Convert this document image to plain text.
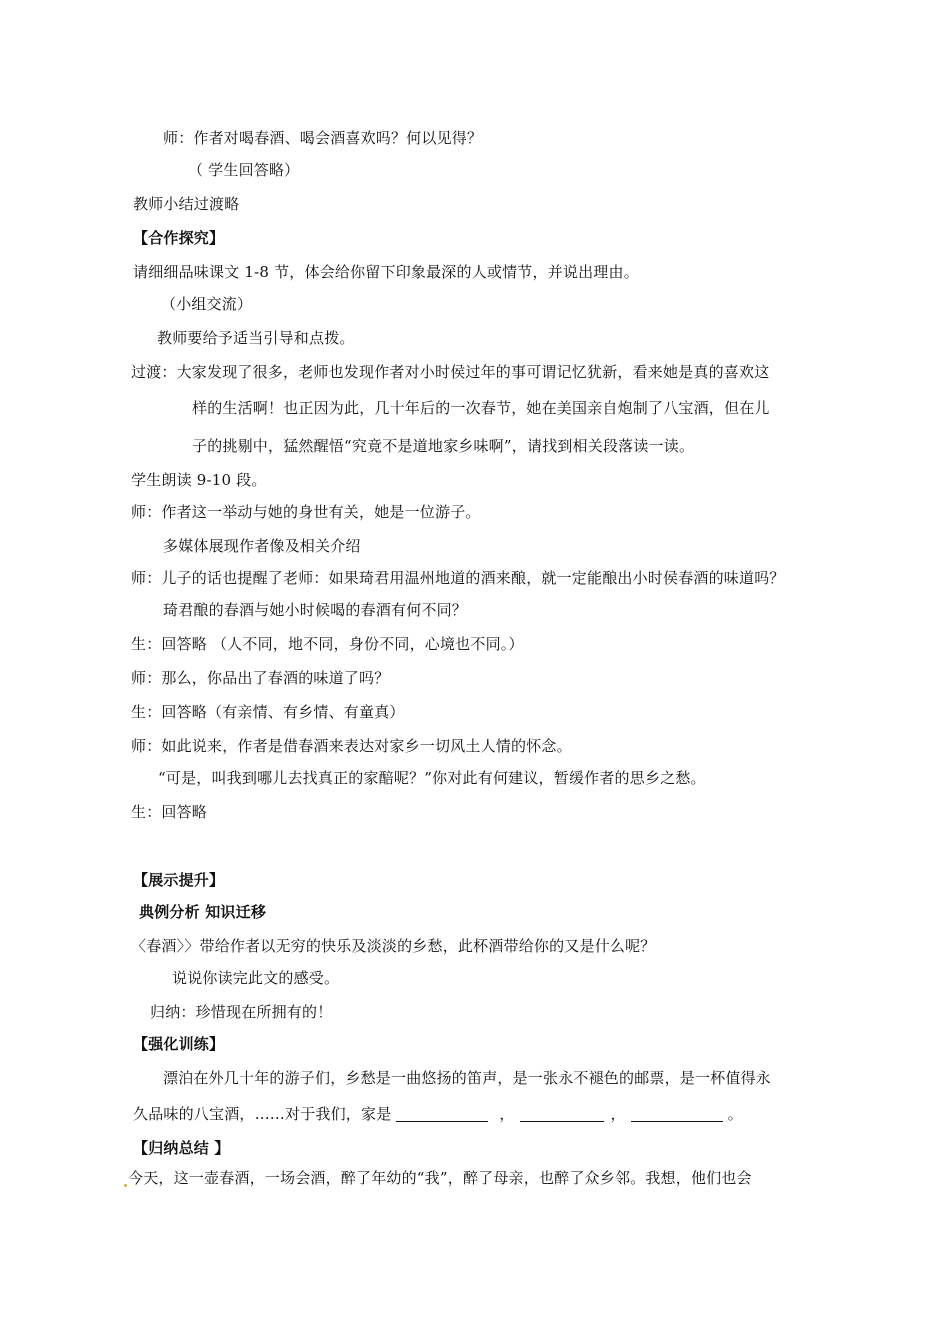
师：作者对喝春酒、喝会酒喜欢吗？何以见得？
（ 学生回答略）
教师小结过渡略
【合作探究】
请细细品味课文 1-8 节，体会给你留下印象最深的人或情节，并说出理由。
（小组交流）
教师要给予适当引导和点拨。
过渡：大家发现了很多，老师也发现作者对小时侯过年的事可谓记忆犹新，看来她是真的喜欢这
样的生活啊！也正因为此，几十年后的一次春节，她在美国亲自炮制了八宝酒，但在儿
子的挑剔中，猛然醒悟“究竟不是道地家乡味啊”，请找到相关段落读一读。
学生朗读 9-10 段。
师：作者这一举动与她的身世有关，她是一位游子。
多媒体展现作者像及相关介绍
师：儿子的话也提醒了老师：如果琦君用温州地道的酒来酿，就一定能酿出小时侯春酒的味道吗？
琦君酿的春酒与她小时候喝的春酒有何不同？
生：回答略 （人不同，地不同，身份不同，心境也不同。）
师：那么，你品出了春酒的味道了吗？
生：回答略（有亲情、有乡情、有童真）
师：如此说来，作者是借春酒来表达对家乡一切风土人情的怀念。
“可是，叫我到哪儿去找真正的家醅呢？”你对此有何建议，暂缓作者的思乡之愁。
生：回答略
【展示提升】
典例分析 知识迁移
〈春酒〉〉带给作者以无穷的快乐及淡淡的乡愁，此杯酒带给你的又是什么呢？
说说你读完此文的感受。
归纳：珍惜现在所拥有的！
【强化训练】
漂泊在外几十年的游子们，乡愁是一曲悠扬的笛声，是一张永不褪色的邮票，是一杯值得永
久品味的八宝酒，……对于我们，家是	，	，	。
【归纳总结 】
今天，这一壶春酒，一场会酒，醉了年幼的“我”，醉了母亲，也醉了众乡邻。我想，他们也会
